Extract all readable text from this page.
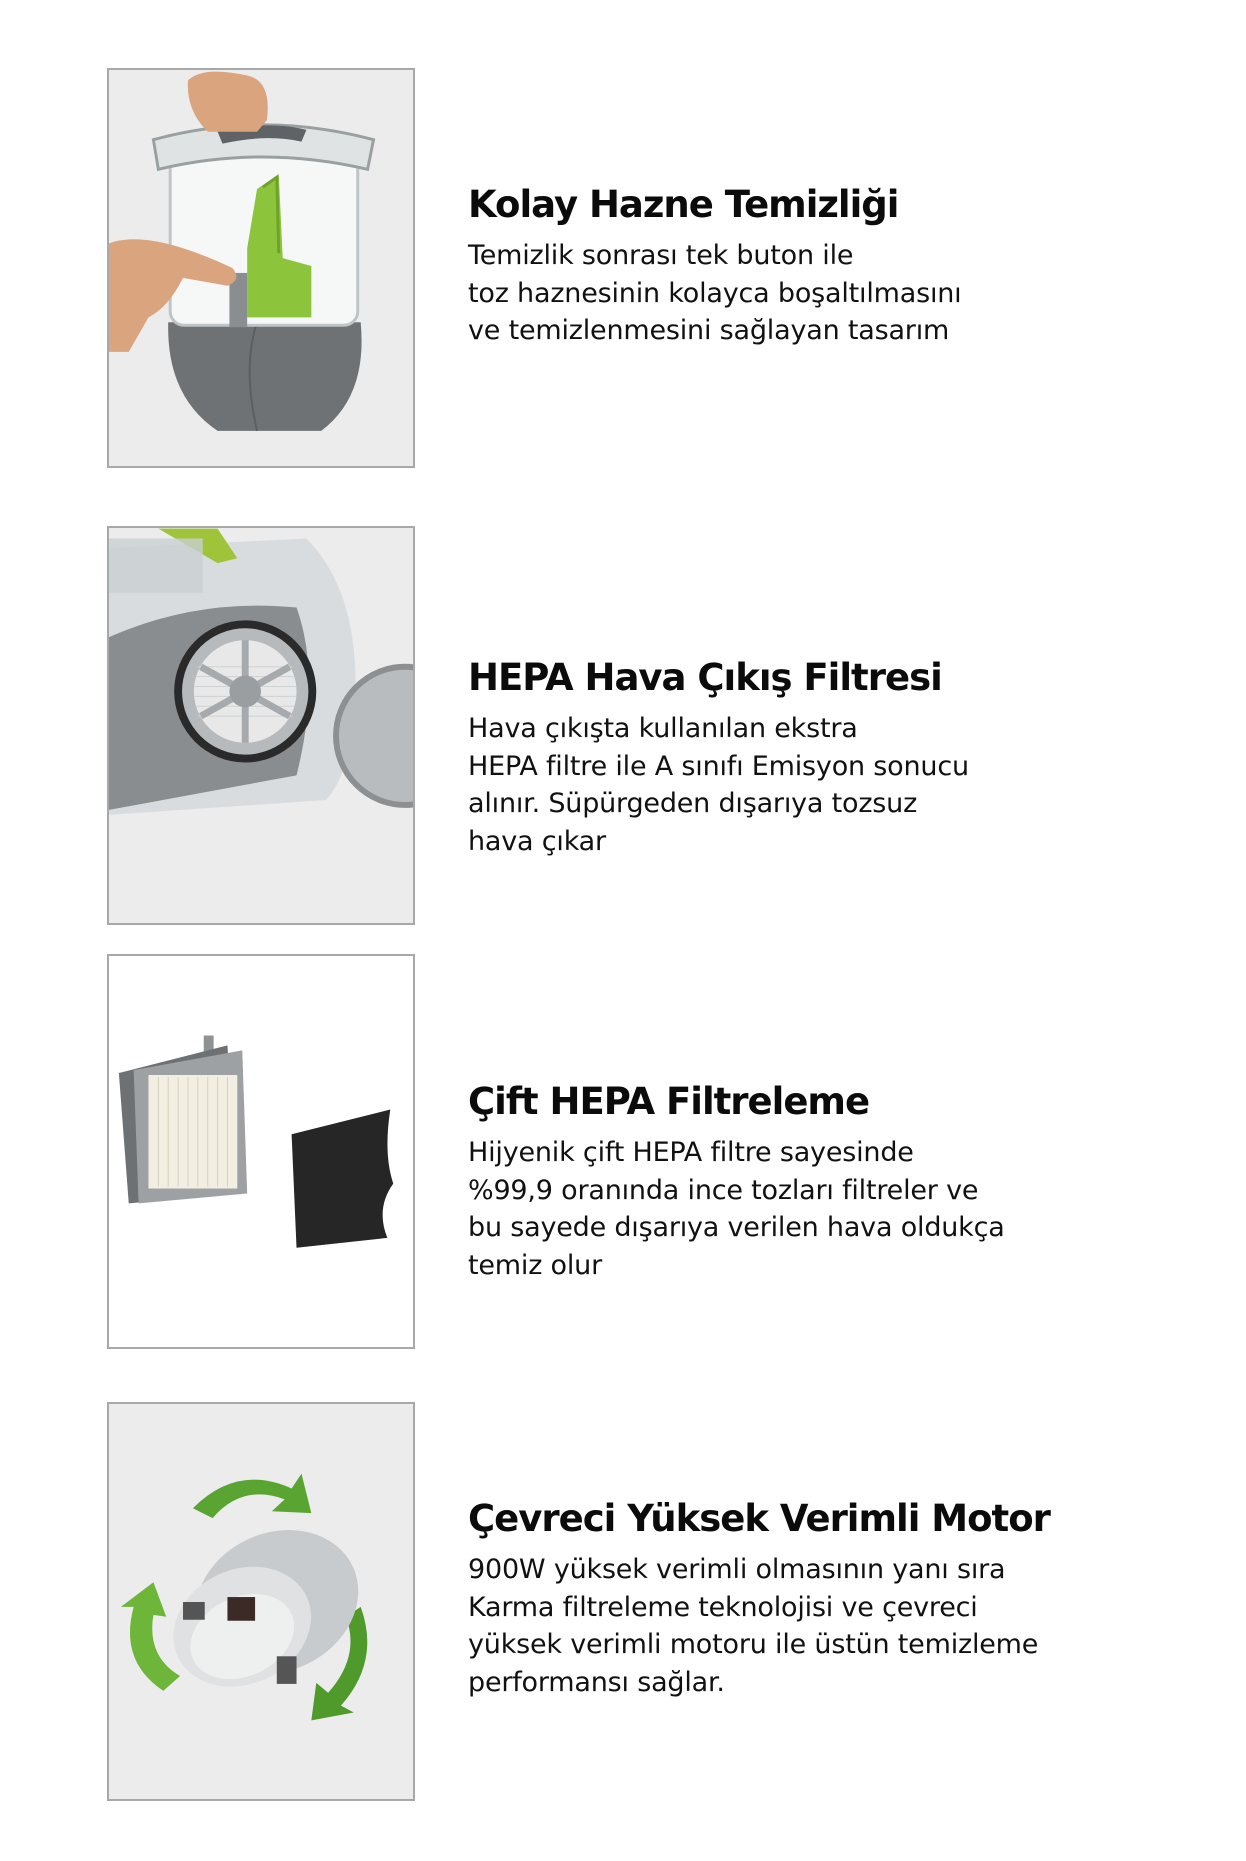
Kolay Hazne Temizliği

Temizlik sonrası tek buton ile
toz haznesinin kolayca boşaltılmasını
ve temizlenmesini sağlayan tasarım

HEPA Hava Çıkış Filtresi

Hava çıkışta kullanılan ekstra
HEPA filtre ile A sınıfı Emisyon sonucu
alınır. Süpürgeden dışarıya tozsuz
hava çıkar

Çift HEPA Filtreleme

Hijyenik çift HEPA filtre sayesinde
%99,9 oranında ince tozları filtreler ve
bu sayede dışarıya verilen hava oldukça
temiz olur

Çevreci Yüksek Verimli Motor

900W yüksek verimli olmasının yanı sıra
Karma filtreleme teknolojisi ve çevreci
yüksek verimli motoru ile üstün temizleme
performansı sağlar.
